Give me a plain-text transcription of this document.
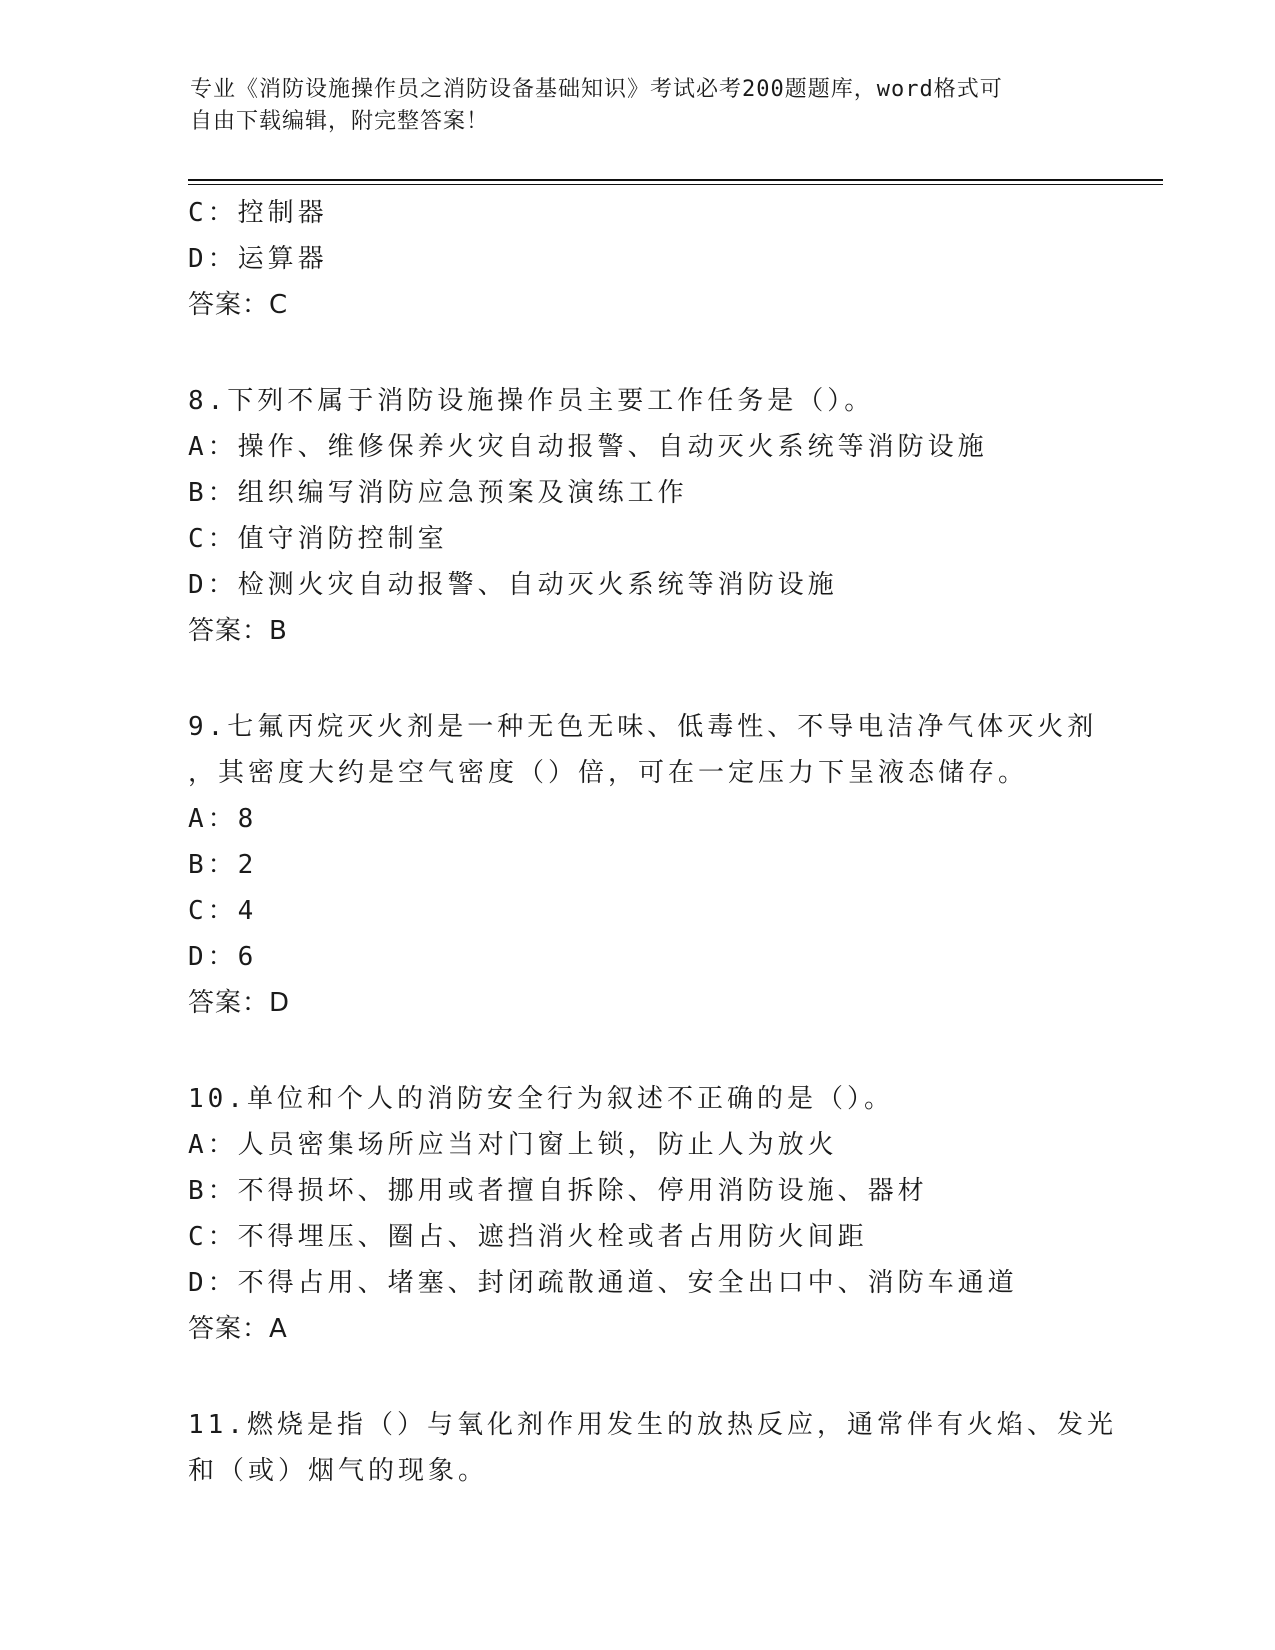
专业《消防设施操作员之消防设备基础知识》考试必考200题题库，word格式可
自由下载编辑，附完整答案！
C：控制器
D：运算器
答案：C
8.下列不属于消防设施操作员主要工作任务是（）。
A：操作、维修保养火灾自动报警、自动灭火系统等消防设施
B：组织编写消防应急预案及演练工作
C：值守消防控制室
D：检测火灾自动报警、自动灭火系统等消防设施
答案：B
9.七氟丙烷灭火剂是一种无色无味、低毒性、不导电洁净气体灭火剂
，其密度大约是空气密度（）倍，可在一定压力下呈液态储存。
A：8
B：2
C：4
D：6
答案：D
10.单位和个人的消防安全行为叙述不正确的是（）。
A：人员密集场所应当对门窗上锁，防止人为放火
B：不得损坏、挪用或者擅自拆除、停用消防设施、器材
C：不得埋压、圈占、遮挡消火栓或者占用防火间距
D：不得占用、堵塞、封闭疏散通道、安全出口中、消防车通道
答案：A
11.燃烧是指（）与氧化剂作用发生的放热反应，通常伴有火焰、发光
和（或）烟气的现象。
